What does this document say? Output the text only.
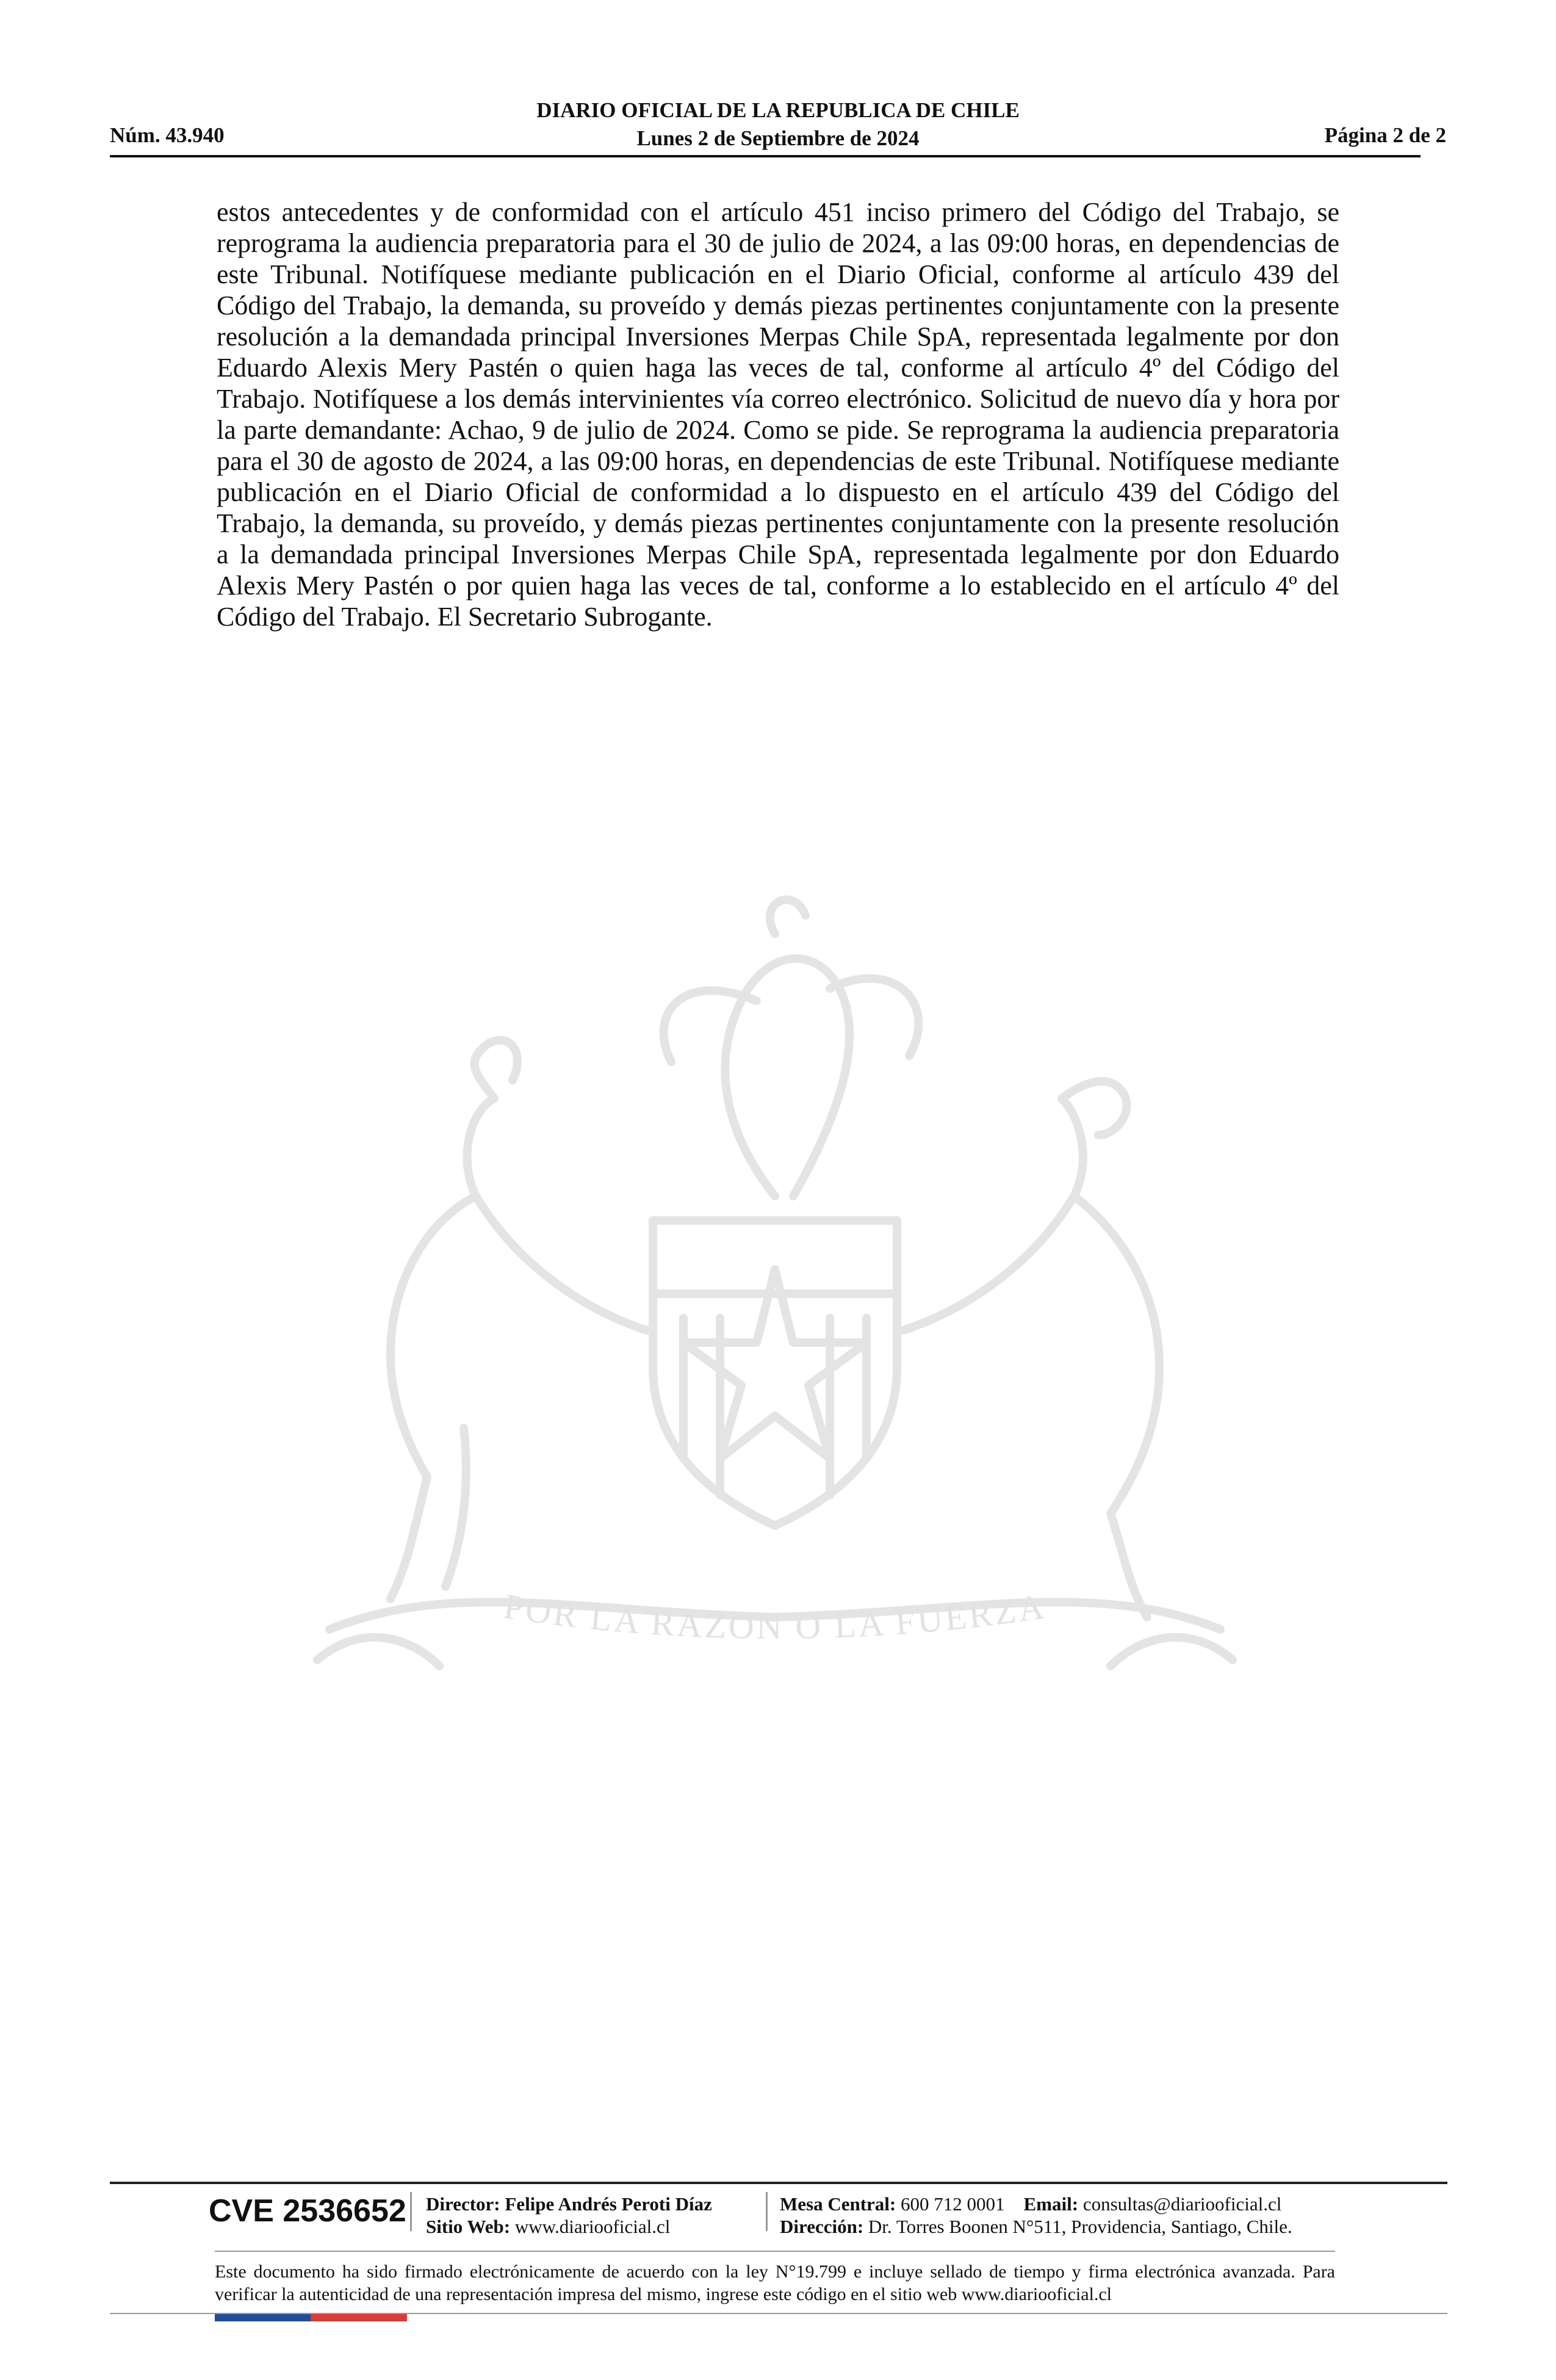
DIARIO OFICIAL DE LA REPUBLICA DE CHILE
Lunes 2 de Septiembre de 2024
Núm. 43.940	Página 2 de 2
estos antecedentes y de conformidad con el artículo 451 inciso primero del Código del Trabajo, se reprograma la audiencia preparatoria para el 30 de julio de 2024, a las 09:00 horas, en dependencias de este Tribunal. Notifíquese mediante publicación en el Diario Oficial, conforme al artículo 439 del Código del Trabajo, la demanda, su proveído y demás piezas pertinentes conjuntamente con la presente resolución a la demandada principal Inversiones Merpas Chile SpA, representada legalmente por don Eduardo Alexis Mery Pastén o quien haga las veces de tal, conforme al artículo 4º del Código del Trabajo. Notifíquese a los demás intervinientes vía correo electrónico. Solicitud de nuevo día y hora por la parte demandante: Achao, 9 de julio de 2024. Como se pide. Se reprograma la audiencia preparatoria para el 30 de agosto de 2024, a las 09:00 horas, en dependencias de este Tribunal. Notifíquese mediante publicación en el Diario Oficial de conformidad a lo dispuesto en el artículo 439 del Código del Trabajo, la demanda, su proveído, y demás piezas pertinentes conjuntamente con la presente resolución a la demandada principal Inversiones Merpas Chile SpA, representada legalmente por don Eduardo Alexis Mery Pastén o por quien haga las veces de tal, conforme a lo establecido en el artículo 4º del Código del Trabajo. El Secretario Subrogante.
POR LA RAZON O LA FUERZA
CVE 2536652 Director: Felipe Andrés Peroti Díaz
Sitio Web: www.diariooficial.cl
Mesa Central: 600 712 0001 Email: consultas@diariooficial.cl
Dirección: Dr. Torres Boonen N°511, Providencia, Santiago, Chile.
Este documento ha sido firmado electrónicamente de acuerdo con la ley N°19.799 e incluye sellado de tiempo y firma electrónica avanzada. Para verificar la autenticidad de una representación impresa del mismo, ingrese este código en el sitio web www.diariooficial.cl
